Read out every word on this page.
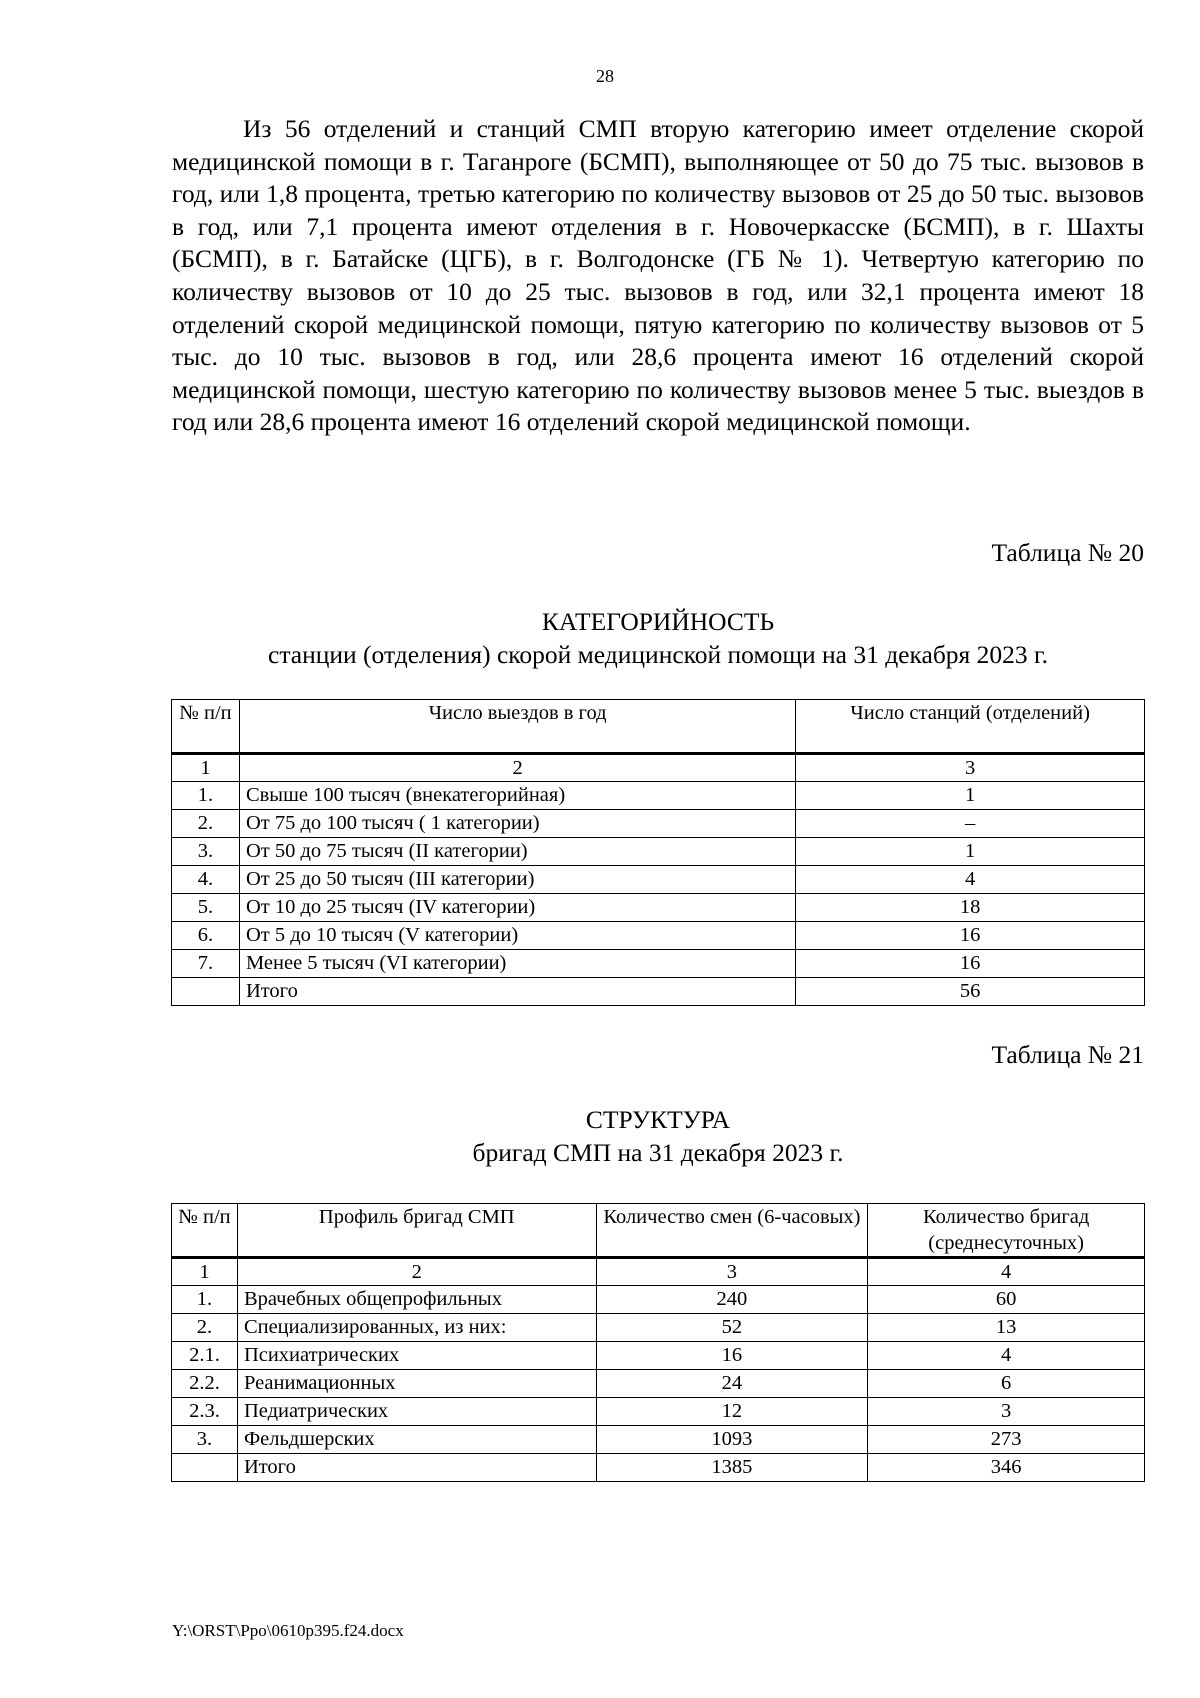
28

Из 56 отделений и станций СМП вторую категорию имеет отделение скорой медицинской помощи в г. Таганроге (БСМП), выполняющее от 50 до 75 тыс. вызовов в год, или 1,8 процента, третью категорию по количеству вызовов от 25 до 50 тыс. вызовов в год, или 7,1 процента имеют отделения в г. Новочеркасске (БСМП), в г. Шахты (БСМП), в г. Батайске (ЦГБ), в г. Волгодонске (ГБ № 1). Четвертую категорию по количеству вызовов от 10 до 25 тыс. вызовов в год, или 32,1 процента имеют 18 отделений скорой медицинской помощи, пятую категорию по количеству вызовов от 5 тыс. до 10 тыс. вызовов в год, или 28,6 процента имеют 16 отделений скорой медицинской помощи, шестую категорию по количеству вызовов менее 5 тыс. выездов в год или 28,6 процента имеют 16 отделений скорой медицинской помощи.

Таблица № 20
КАТЕГОРИЙНОСТЬ
станции (отделения) скорой медицинской помощи на 31 декабря 2023 г.
№ п/п	Число выездов в год	Число станций (отделений)
1	2	3
1.	Свыше 100 тысяч (внекатегорийная)	1
2.	От 75 до 100 тысяч ( 1 категории)	–
3.	От 50 до 75 тысяч (II категории)	1
4.	От 25 до 50 тысяч (III категории)	4
5.	От 10 до 25 тысяч (IV категории)	18
6.	От 5 до 10 тысяч (V категории)	16
7.	Менее 5 тысяч (VI категории)	16
	Итого	56
Таблица № 21
СТРУКТУРА
бригад СМП на 31 декабря 2023 г.
№ п/п	Профиль бригад СМП	Количество смен (6-часовых)	Количество бригад (среднесуточных)
1	2	3	4
1.	Врачебных общепрофильных	240	60
2.	Специализированных, из них:	52	13
2.1.	Психиатрических	16	4
2.2.	Реанимационных	24	6
2.3.	Педиатрических	12	3
3.	Фельдшерских	1093	273
	Итого	1385	346
Y:\ORST\Ppo\0610p395.f24.docx
